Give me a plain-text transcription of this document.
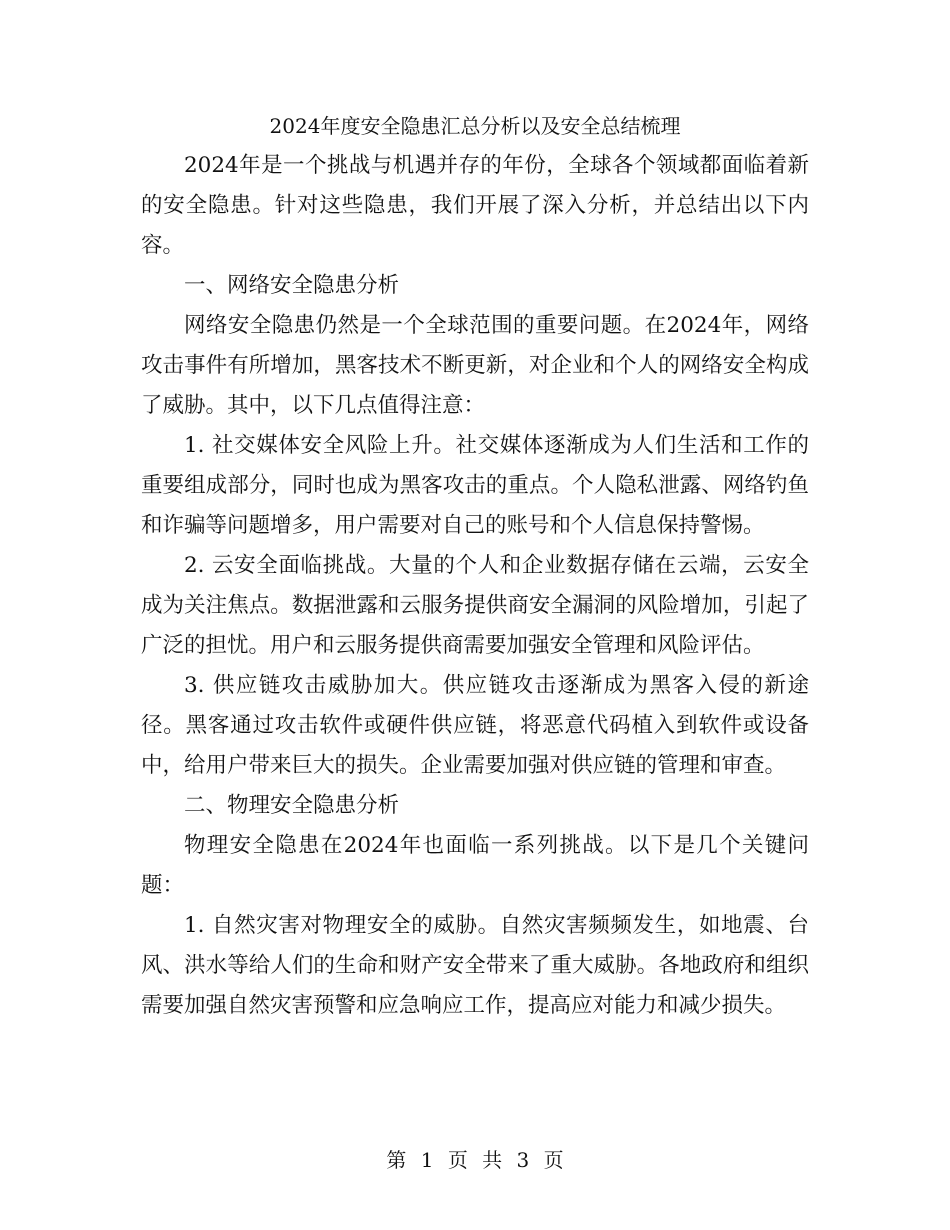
2024年度安全隐患汇总分析以及安全总结梳理

2024年是一个挑战与机遇并存的年份，全球各个领域都面临着新的安全隐患。针对这些隐患，我们开展了深入分析，并总结出以下内容。

一、网络安全隐患分析

网络安全隐患仍然是一个全球范围的重要问题。在2024年，网络攻击事件有所增加，黑客技术不断更新，对企业和个人的网络安全构成了威胁。其中，以下几点值得注意：

1. 社交媒体安全风险上升。社交媒体逐渐成为人们生活和工作的重要组成部分，同时也成为黑客攻击的重点。个人隐私泄露、网络钓鱼和诈骗等问题增多，用户需要对自己的账号和个人信息保持警惕。

2. 云安全面临挑战。大量的个人和企业数据存储在云端，云安全成为关注焦点。数据泄露和云服务提供商安全漏洞的风险增加，引起了广泛的担忧。用户和云服务提供商需要加强安全管理和风险评估。

3. 供应链攻击威胁加大。供应链攻击逐渐成为黑客入侵的新途径。黑客通过攻击软件或硬件供应链，将恶意代码植入到软件或设备中，给用户带来巨大的损失。企业需要加强对供应链的管理和审查。

二、物理安全隐患分析

物理安全隐患在2024年也面临一系列挑战。以下是几个关键问题：

1. 自然灾害对物理安全的威胁。自然灾害频频发生，如地震、台风、洪水等给人们的生命和财产安全带来了重大威胁。各地政府和组织需要加强自然灾害预警和应急响应工作，提高应对能力和减少损失。

第 1 页 共 3 页
